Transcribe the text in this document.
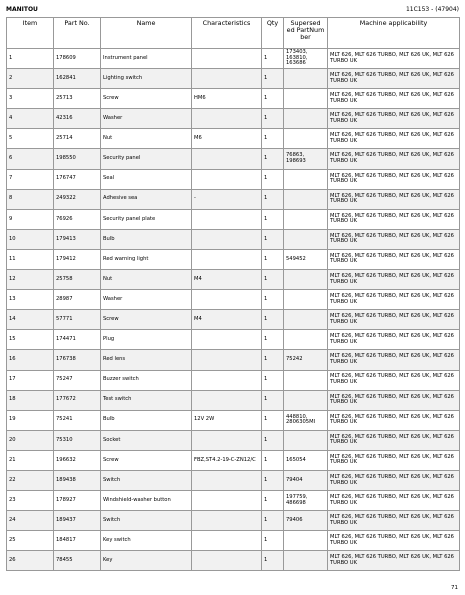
MANITOU	11C153 - (47904)
Item	Part No.	Name	Characteristics	Qty	Supersed ed PartNum ber	Machine applicability
1	178609	Instrument panel		1	173403, 163810, 163686	MLT 626, MLT 626 TURBO, MLT 626 UK, MLT 626 TURBO UK
2	162841	Lighting switch		1		MLT 626, MLT 626 TURBO, MLT 626 UK, MLT 626 TURBO UK
3	25713	Screw	HM6	1		MLT 626, MLT 626 TURBO, MLT 626 UK, MLT 626 TURBO UK
4	42316	Washer		1		MLT 626, MLT 626 TURBO, MLT 626 UK, MLT 626 TURBO UK
5	25714	Nut	M6	1		MLT 626, MLT 626 TURBO, MLT 626 UK, MLT 626 TURBO UK
6	198550	Security panel		1	76863, 198693	MLT 626, MLT 626 TURBO, MLT 626 UK, MLT 626 TURBO UK
7	176747	Seal		1		MLT 626, MLT 626 TURBO, MLT 626 UK, MLT 626 TURBO UK
8	249322	Adhesive sea	-	1		MLT 626, MLT 626 TURBO, MLT 626 UK, MLT 626 TURBO UK
9	76926	Security panel plate		1		MLT 626, MLT 626 TURBO, MLT 626 UK, MLT 626 TURBO UK
10	179413	Bulb		1		MLT 626, MLT 626 TURBO, MLT 626 UK, MLT 626 TURBO UK
11	179412	Red warning light		1	549452	MLT 626, MLT 626 TURBO, MLT 626 UK, MLT 626 TURBO UK
12	25758	Nut	M4	1		MLT 626, MLT 626 TURBO, MLT 626 UK, MLT 626 TURBO UK
13	28987	Washer		1		MLT 626, MLT 626 TURBO, MLT 626 UK, MLT 626 TURBO UK
14	57771	Screw	M4	1		MLT 626, MLT 626 TURBO, MLT 626 UK, MLT 626 TURBO UK
15	174471	Plug		1		MLT 626, MLT 626 TURBO, MLT 626 UK, MLT 626 TURBO UK
16	176738	Red lens		1	75242	MLT 626, MLT 626 TURBO, MLT 626 UK, MLT 626 TURBO UK
17	75247	Buzzer switch		1		MLT 626, MLT 626 TURBO, MLT 626 UK, MLT 626 TURBO UK
18	177672	Test switch		1		MLT 626, MLT 626 TURBO, MLT 626 UK, MLT 626 TURBO UK
19	75241	Bulb	12V 2W	1	448810, 2806305MI	MLT 626, MLT 626 TURBO, MLT 626 UK, MLT 626 TURBO UK
20	75310	Socket		1		MLT 626, MLT 626 TURBO, MLT 626 UK, MLT 626 TURBO UK
21	196632	Screw	FBZ,ST4.2-19-C-ZN12/C	1	165054	MLT 626, MLT 626 TURBO, MLT 626 UK, MLT 626 TURBO UK
22	189438	Switch		1	79404	MLT 626, MLT 626 TURBO, MLT 626 UK, MLT 626 TURBO UK
23	178927	Windshield-washer button		1	197759, 486698	MLT 626, MLT 626 TURBO, MLT 626 UK, MLT 626 TURBO UK
24	189437	Switch		1	79406	MLT 626, MLT 626 TURBO, MLT 626 UK, MLT 626 TURBO UK
25	184817	Key switch		1		MLT 626, MLT 626 TURBO, MLT 626 UK, MLT 626 TURBO UK
26	78455	Key		1		MLT 626, MLT 626 TURBO, MLT 626 UK, MLT 626 TURBO UK
71
